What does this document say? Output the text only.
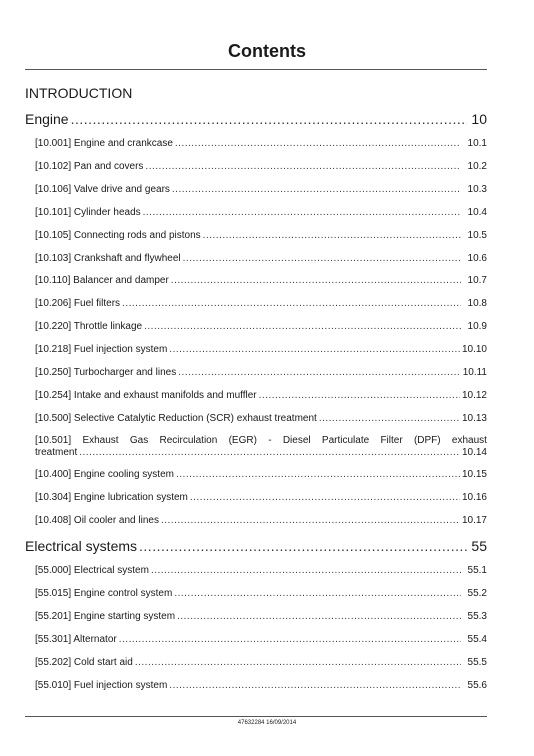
Contents
INTRODUCTION
Engine .....	10
[10.001] Engine and crankcase .....	10.1
[10.102] Pan and covers .....	10.2
[10.106] Valve drive and gears .....	10.3
[10.101] Cylinder heads .....	10.4
[10.105] Connecting rods and pistons .....	10.5
[10.103] Crankshaft and flywheel .....	10.6
[10.110] Balancer and damper .....	10.7
[10.206] Fuel filters .....	10.8
[10.220] Throttle linkage .....	10.9
[10.218] Fuel injection system .....	10.10
[10.250] Turbocharger and lines .....	10.11
[10.254] Intake and exhaust manifolds and muffler .....	10.12
[10.500] Selective Catalytic Reduction (SCR) exhaust treatment .....	10.13
[10.501] Exhaust Gas Recirculation (EGR) - Diesel Particulate Filter (DPF) exhaust
treatment .....	10.14
[10.400] Engine cooling system .....	10.15
[10.304] Engine lubrication system .....	10.16
[10.408] Oil cooler and lines .....	10.17
Electrical systems .....	55
[55.000] Electrical system .....	55.1
[55.015] Engine control system .....	55.2
[55.201] Engine starting system .....	55.3
[55.301] Alternator .....	55.4
[55.202] Cold start aid .....	55.5
[55.010] Fuel injection system .....	55.6
47632284 16/09/2014
